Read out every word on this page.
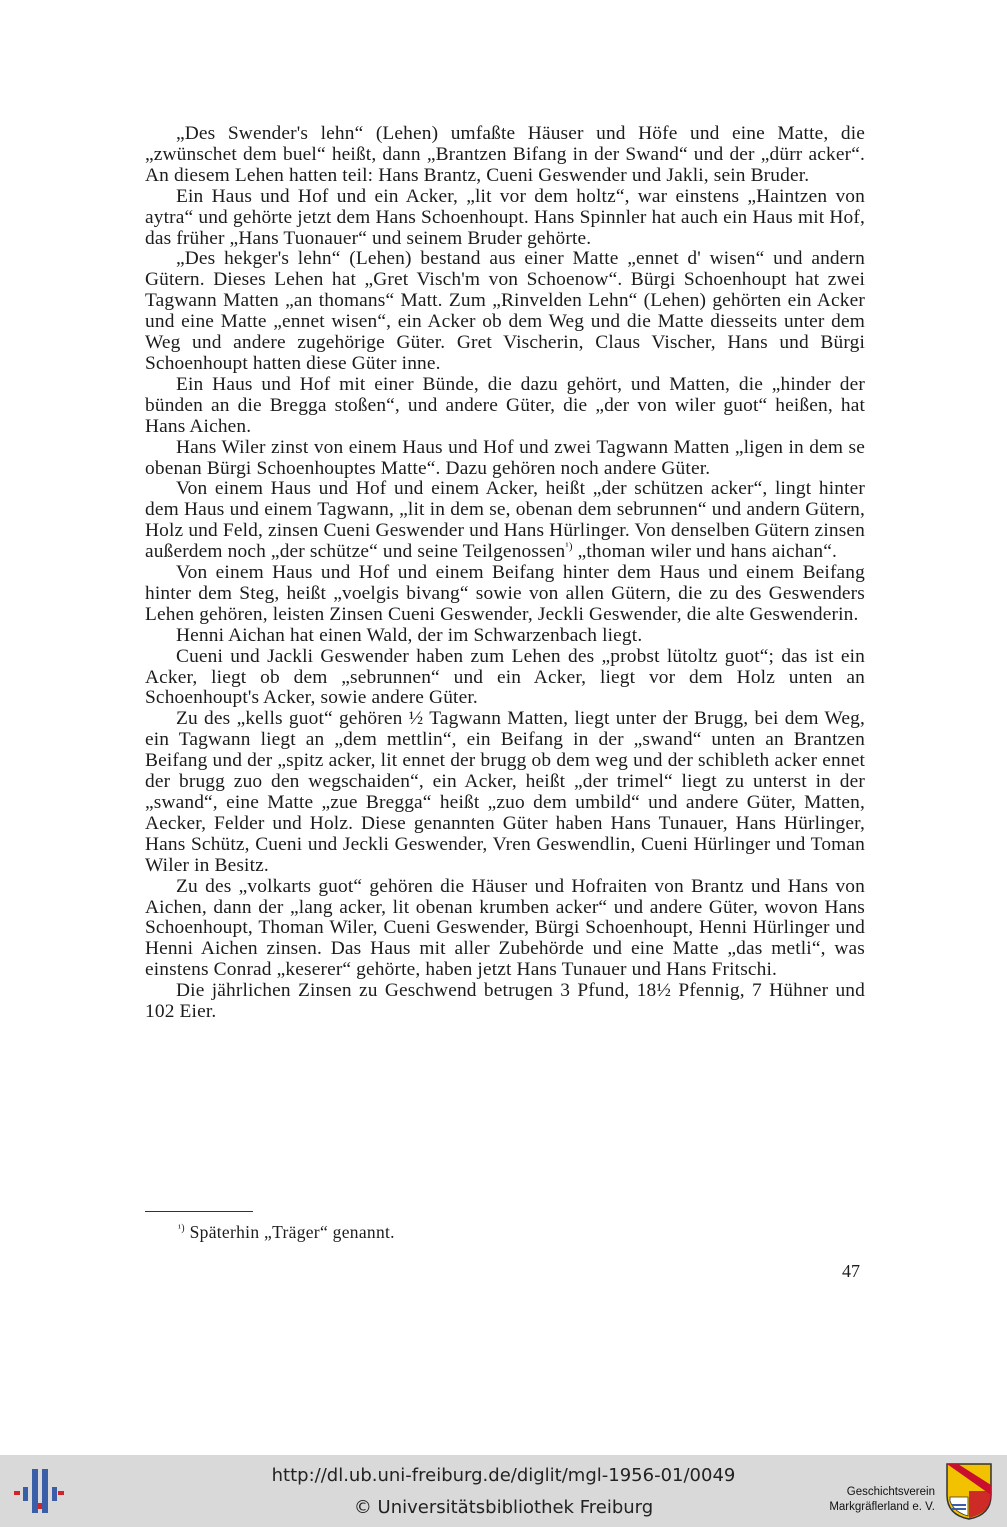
„Des Swender's lehn“ (Lehen) umfaßte Häuser und Höfe und eine Matte, die „zwünschet dem buel“ heißt, dann „Brantzen Bifang in der Swand“ und der „dürr acker“. An diesem Lehen hatten teil: Hans Brantz, Cueni Geswender und Jakli, sein Bruder.

Ein Haus und Hof und ein Acker, „lit vor dem holtz“, war einstens „Haintzen von aytra“ und gehörte jetzt dem Hans Schoenhoupt. Hans Spinnler hat auch ein Haus mit Hof, das früher „Hans Tuonauer“ und seinem Bruder gehörte.

„Des hekger's lehn“ (Lehen) bestand aus einer Matte „ennet d' wisen“ und andern Gütern. Dieses Lehen hat „Gret Visch'm von Schoenow“. Bürgi Schoenhoupt hat zwei Tagwann Matten „an thomans“ Matt. Zum „Rinvelden Lehn“ (Lehen) gehörten ein Acker und eine Matte „ennet wisen“, ein Acker ob dem Weg und die Matte diesseits unter dem Weg und andere zugehörige Güter. Gret Vischerin, Claus Vischer, Hans und Bürgi Schoenhoupt hatten diese Güter inne.

Ein Haus und Hof mit einer Bünde, die dazu gehört, und Matten, die „hinder der bünden an die Bregga stoßen“, und andere Güter, die „der von wiler guot“ heißen, hat Hans Aichen.

Hans Wiler zinst von einem Haus und Hof und zwei Tagwann Matten „ligen in dem se obenan Bürgi Schoenhouptes Matte“. Dazu gehören noch andere Güter.

Von einem Haus und Hof und einem Acker, heißt „der schützen acker“, lingt hinter dem Haus und einem Tagwann, „lit in dem se, obenan dem sebrunnen“ und andern Gütern, Holz und Feld, zinsen Cueni Geswender und Hans Hürlinger. Von denselben Gütern zinsen außerdem noch „der schütze“ und seine Teilgenossen$^{^1)}$ „thoman wiler und hans aichan“.

Von einem Haus und Hof und einem Beifang hinter dem Haus und einem Beifang hinter dem Steg, heißt „voelgis bivang“ sowie von allen Gütern, die zu des Geswenders Lehen gehören, leisten Zinsen Cueni Geswender, Jeckli Geswender, die alte Geswenderin.

Henni Aichan hat einen Wald, der im Schwarzenbach liegt.

Cueni und Jackli Geswender haben zum Lehen des „probst lütoltz guot“; das ist ein Acker, liegt ob dem „sebrunnen“ und ein Acker, liegt vor dem Holz unten an Schoenhoupt's Acker, sowie andere Güter.

Zu des „kells guot“ gehören ½ Tagwann Matten, liegt unter der Brugg, bei dem Weg, ein Tagwann liegt an „dem mettlin“, ein Beifang in der „swand“ unten an Brantzen Beifang und der „spitz acker, lit ennet der brugg ob dem weg und der schibleth acker ennet der brugg zuo den wegschaiden“, ein Acker, heißt „der trimel“ liegt zu unterst in der „swand“, eine Matte „zue Bregga“ heißt „zuo dem umbild“ und andere Güter, Matten, Aecker, Felder und Holz. Diese genannten Güter haben Hans Tunauer, Hans Hürlinger, Hans Schütz, Cueni und Jeckli Geswender, Vren Geswendlin, Cueni Hürlinger und Toman Wiler in Besitz.

Zu des „volkarts guot“ gehören die Häuser und Hofraiten von Brantz und Hans von Aichen, dann der „lang acker, lit obenan krumben acker“ und andere Güter, wovon Hans Schoenhoupt, Thoman Wiler, Cueni Geswender, Bürgi Schoenhoupt, Henni Hürlinger und Henni Aichen zinsen. Das Haus mit aller Zubehörde und eine Matte „das metli“, was einstens Conrad „keserer“ gehörte, haben jetzt Hans Tunauer und Hans Fritschi.

Die jährlichen Zinsen zu Geschwend betrugen 3 Pfund, 18½ Pfennig, 7 Hühner und 102 Eier.

$^{^1)}$ Späterhin „Träger“ genannt.
47
http://dl.ub.uni-freiburg.de/diglit/mgl-1956-01/0049
© Universitätsbibliothek Freiburg
Geschichtsverein
Markgräflerland e. V.
